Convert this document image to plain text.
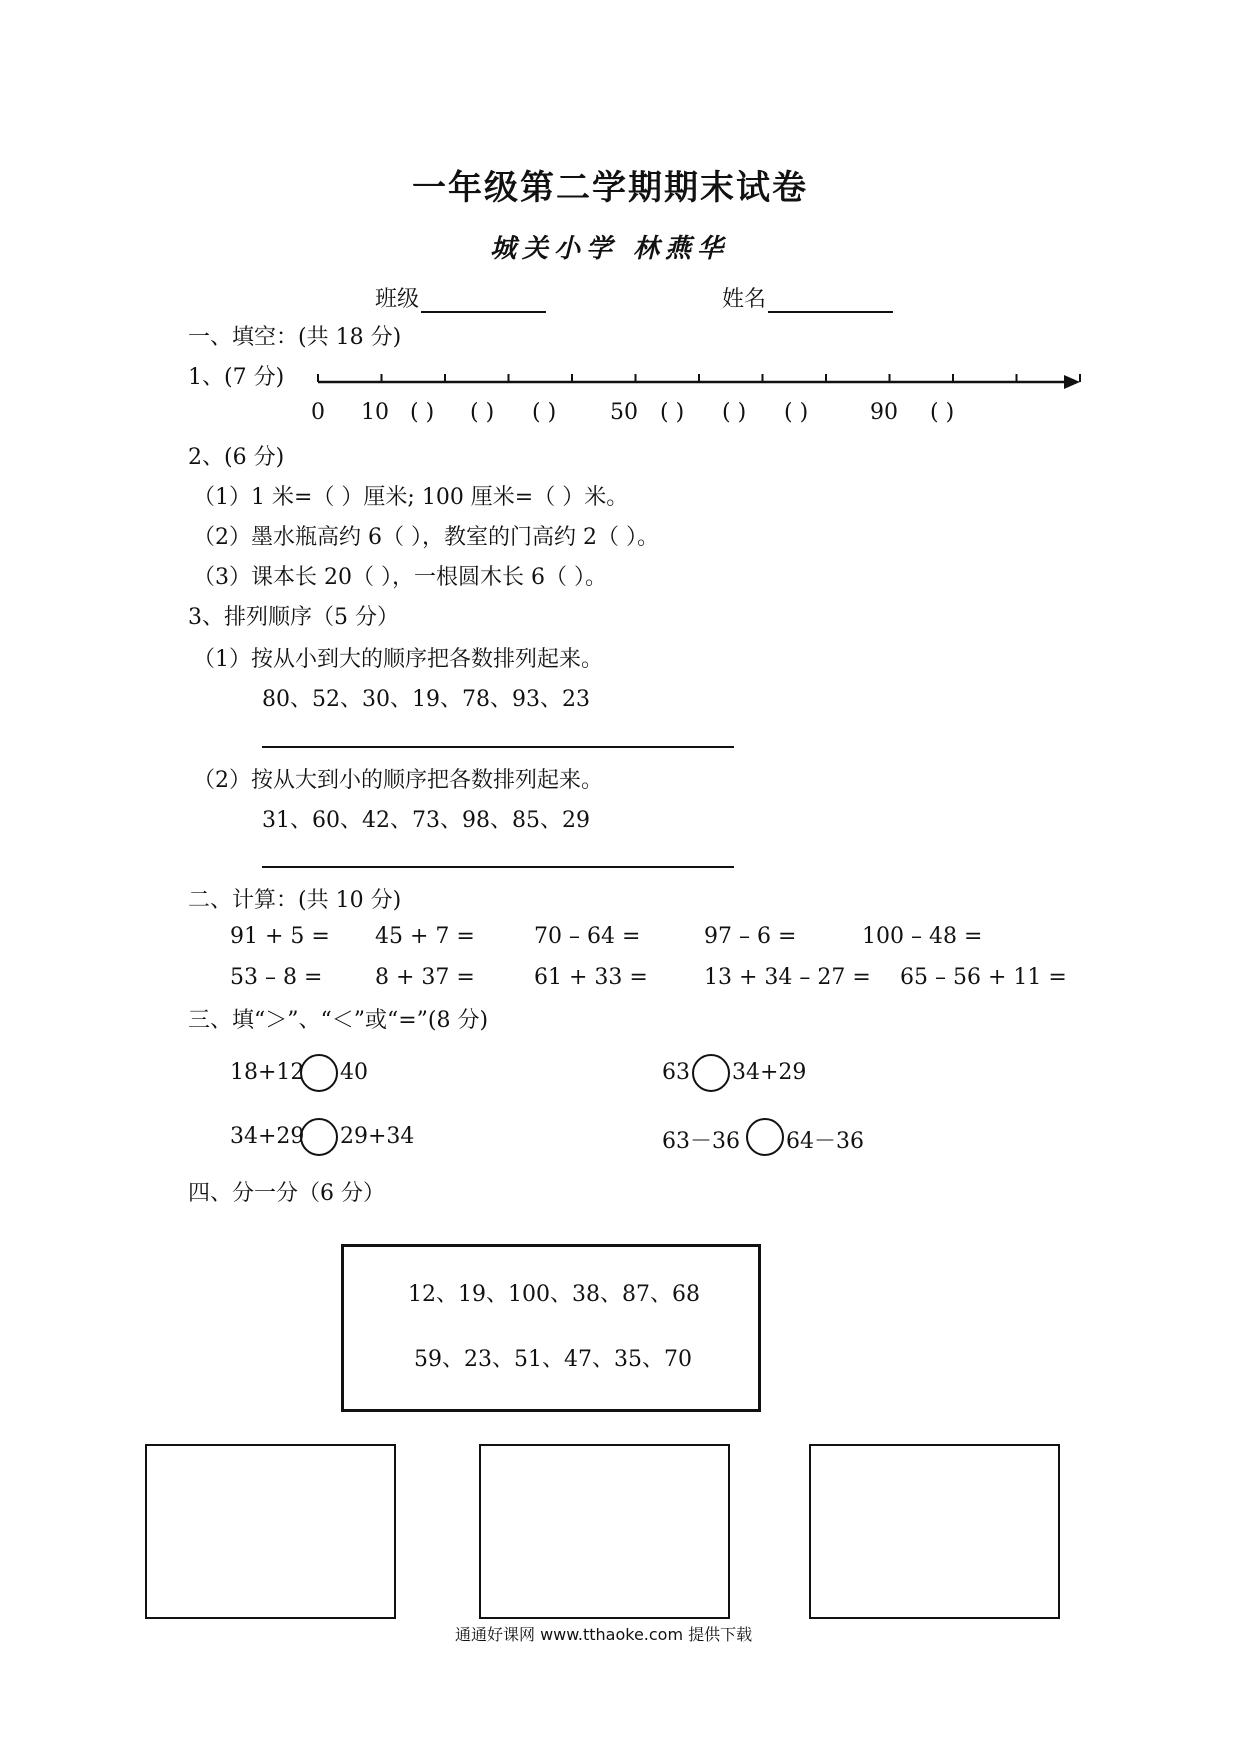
一年级第二学期期末试卷
城关小学 林燕华
班级	姓名
一、填空：(共 18 分)
1、(7 分)
0 10 ( ) ( ) ( ) 50 ( ) ( ) ( )	90 ( )
2、(6 分)
（1）1 米=（ ）厘米; 100 厘米=（ ）米。
（2）墨水瓶高约 6（ ），教室的门高约 2（ ）。
（3）课本长 20（ ），一根圆木长 6（ ）。
3、排列顺序（5 分）
（1）按从小到大的顺序把各数排列起来。
80、52、30、19、78、93、23
（2）按从大到小的顺序把各数排列起来。
31、60、42、73、98、85、29
二、计算：(共 10 分)
91 + 5 = 45 + 7 =	70 – 64 =	97 – 6 =	100 – 48 =
53 – 8 = 8 + 37 =	61 + 33 =	13 + 34 – 27 = 65 – 56 + 11 =
三、填“＞”、“＜”或“=”(8 分)
18+12 40	63 34+29
34+29 29+34	63－36 64－36
四、分一分（6 分）
12、19、100、38、87、68
59、23、51、47、35、70
通通好课网 www.tthaoke.com 提供下载
